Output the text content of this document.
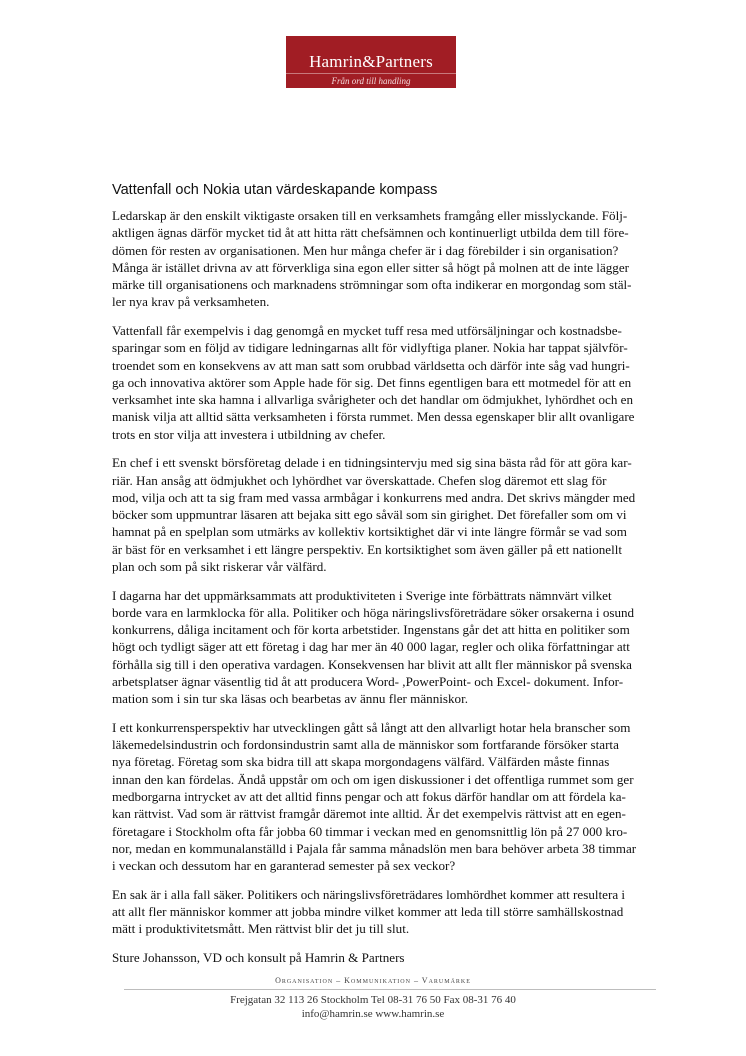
Hamrin&Partners
Från ord till handling
Vattenfall och Nokia utan värdeskapande kompass

Ledarskap är den enskilt viktigaste orsaken till en verksamhets framgång eller misslyckande. Följ-
aktligen ägnas därför mycket tid åt att hitta rätt chefsämnen och kontinuerligt utbilda dem till före-
dömen för resten av organisationen. Men hur många chefer är i dag förebilder i sin organisation?
Många är istället drivna av att förverkliga sina egon eller sitter så högt på molnen att de inte lägger
märke till organisationens och marknadens strömningar som ofta indikerar en morgondag som stäl-
ler nya krav på verksamheten.

Vattenfall får exempelvis i dag genomgå en mycket tuff resa med utförsäljningar och kostnadsbe-
sparingar som en följd av tidigare ledningarnas allt för vidlyftiga planer. Nokia har tappat självför-
troendet som en konsekvens av att man satt som orubbad världsetta och därför inte såg vad hungri-
ga och innovativa aktörer som Apple hade för sig. Det finns egentligen bara ett motmedel för att en
verksamhet inte ska hamna i allvarliga svårigheter och det handlar om ödmjukhet, lyhördhet och en
manisk vilja att alltid sätta verksamheten i första rummet. Men dessa egenskaper blir allt ovanligare
trots en stor vilja att investera i utbildning av chefer.

En chef i ett svenskt börsföretag delade i en tidningsintervju med sig sina bästa råd för att göra kar-
riär. Han ansåg att ödmjukhet och lyhördhet var överskattade. Chefen slog däremot ett slag för
mod, vilja och att ta sig fram med vassa armbågar i konkurrens med andra. Det skrivs mängder med
böcker som uppmuntrar läsaren att bejaka sitt ego såväl som sin girighet. Det förefaller som om vi
hamnat på en spelplan som utmärks av kollektiv kortsiktighet där vi inte längre förmår se vad som
är bäst för en verksamhet i ett längre perspektiv. En kortsiktighet som även gäller på ett nationellt
plan och som på sikt riskerar vår välfärd.

I dagarna har det uppmärksammats att produktiviteten i Sverige inte förbättrats nämnvärt vilket
borde vara en larmklocka för alla. Politiker och höga näringslivsföreträdare söker orsakerna i osund
konkurrens, dåliga incitament och för korta arbetstider. Ingenstans går det att hitta en politiker som
högt och tydligt säger att ett företag i dag har mer än 40 000 lagar, regler och olika författningar att
förhålla sig till i den operativa vardagen. Konsekvensen har blivit att allt fler människor på svenska
arbetsplatser ägnar väsentlig tid åt att producera Word- ,PowerPoint- och Excel- dokument. Infor-
mation som i sin tur ska läsas och bearbetas av ännu fler människor.

I ett konkurrensperspektiv har utvecklingen gått så långt att den allvarligt hotar hela branscher som
läkemedelsindustrin och fordonsindustrin samt alla de människor som fortfarande försöker starta
nya företag. Företag som ska bidra till att skapa morgondagens välfärd. Välfärden måste finnas
innan den kan fördelas. Ändå uppstår om och om igen diskussioner i det offentliga rummet som ger
medborgarna intrycket av att det alltid finns pengar och att fokus därför handlar om att fördela ka-
kan rättvist. Vad som är rättvist framgår däremot inte alltid. Är det exempelvis rättvist att en egen-
företagare i Stockholm ofta får jobba 60 timmar i veckan med en genomsnittlig lön på 27 000 kro-
nor, medan en kommunalanställd i Pajala får samma månadslön men bara behöver arbeta 38 timmar
i veckan och dessutom har en garanterad semester på sex veckor?

En sak är i alla fall säker. Politikers och näringslivsföreträdares lomhördhet kommer att resultera i
att allt fler människor kommer att jobba mindre vilket kommer att leda till större samhällskostnad
mätt i produktivitetsmått. Men rättvist blir det ju till slut.

Sture Johansson, VD och konsult på Hamrin & Partners

Organisation – Kommunikation – Varumärke
Frejgatan 32 113 26 Stockholm Tel 08-31 76 50 Fax 08-31 76 40
info@hamrin.se www.hamrin.se
